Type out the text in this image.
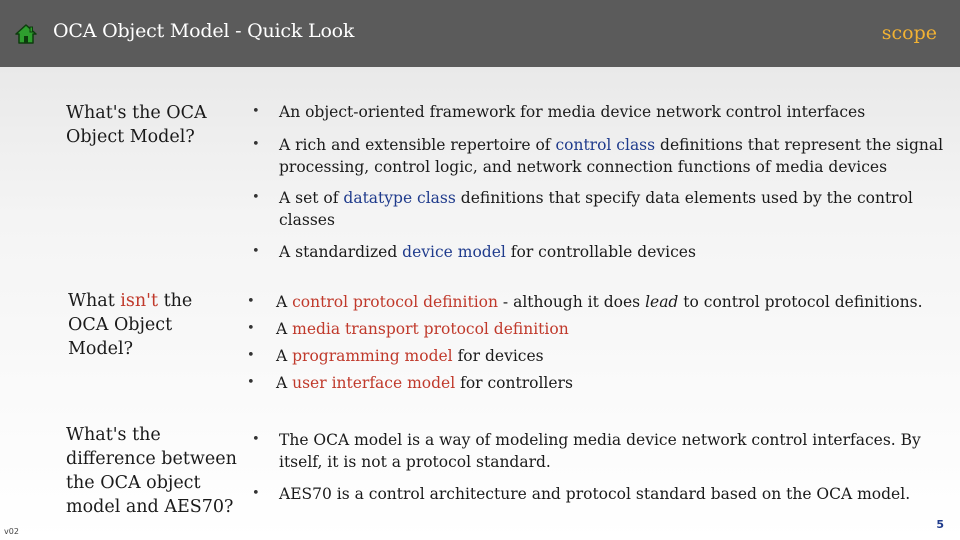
OCA Object Model - Quick Look	scope
What's the OCA Object Model?
• An object-oriented framework for media device network control interfaces
• A rich and extensible repertoire of control class definitions that represent the signal processing, control logic, and network connection functions of media devices
• A set of datatype class definitions that specify data elements used by the control classes
• A standardized device model for controllable devices
What isn't the OCA Object Model?
• A control protocol definition - although it does lead to control protocol definitions.
• A media transport protocol definition
• A programming model for devices
• A user interface model for controllers
What's the difference between the OCA object model and AES70?
• The OCA model is a way of modeling media device network control interfaces. By itself, it is not a protocol standard.
• AES70 is a control architecture and protocol standard based on the OCA model.
v02
5
